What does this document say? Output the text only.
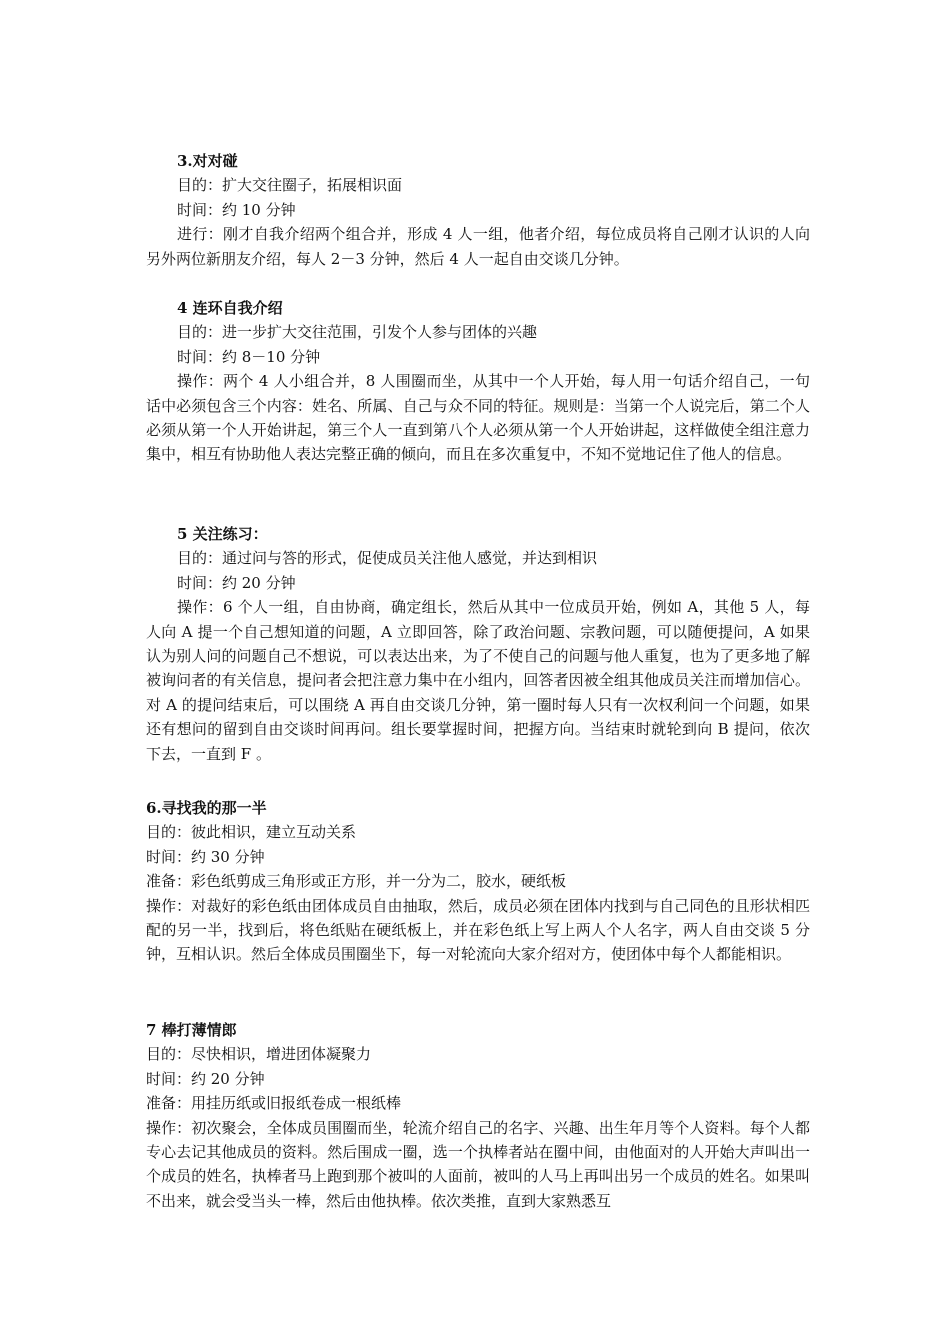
3.对对碰
目的：扩大交往圈子，拓展相识面
时间：约 10 分钟
进行：刚才自我介绍两个组合并，形成 4 人一组，他者介绍，每位成员将自己刚才认识的人向另外两位新朋友介绍，每人 2－3 分钟，然后 4 人一起自由交谈几分钟。
4 连环自我介绍
目的：进一步扩大交往范围，引发个人参与团体的兴趣
时间：约 8－10 分钟
操作：两个 4 人小组合并，8 人围圈而坐，从其中一个人开始，每人用一句话介绍自己，一句话中必须包含三个内容：姓名、所属、自己与众不同的特征。规则是：当第一个人说完后，第二个人必须从第一个人开始讲起，第三个人一直到第八个人必须从第一个人开始讲起，这样做使全组注意力集中，相互有协助他人表达完整正确的倾向，而且在多次重复中，不知不觉地记住了他人的信息。
5 关注练习：
目的：通过问与答的形式，促使成员关注他人感觉，并达到相识
时间：约 20 分钟
操作：6 个人一组，自由协商，确定组长，然后从其中一位成员开始，例如 A，其他 5 人，每人向 A 提一个自己想知道的问题，A 立即回答，除了政治问题、宗教问题，可以随便提问，A 如果认为别人问的问题自己不想说，可以表达出来，为了不使自己的问题与他人重复，也为了更多地了解被询问者的有关信息，提问者会把注意力集中在小组内，回答者因被全组其他成员关注而增加信心。对 A 的提问结束后，可以围绕 A 再自由交谈几分钟，第一圈时每人只有一次权利问一个问题，如果还有想问的留到自由交谈时间再问。组长要掌握时间，把握方向。当结束时就轮到向 B 提问，依次下去，一直到 F 。
6.寻找我的那一半
目的：彼此相识，建立互动关系
时间：约 30 分钟
准备：彩色纸剪成三角形或正方形，并一分为二，胶水，硬纸板
操作：对裁好的彩色纸由团体成员自由抽取，然后，成员必须在团体内找到与自己同色的且形状相匹配的另一半，找到后，将色纸贴在硬纸板上，并在彩色纸上写上两人个人名字，两人自由交谈 5 分钟，互相认识。然后全体成员围圈坐下，每一对轮流向大家介绍对方，使团体中每个人都能相识。
7 棒打薄情郎
目的：尽快相识，增进团体凝聚力
时间：约 20 分钟
准备：用挂历纸或旧报纸卷成一根纸棒
操作：初次聚会，全体成员围圈而坐，轮流介绍自己的名字、兴趣、出生年月等个人资料。每个人都专心去记其他成员的资料。然后围成一圈，选一个执棒者站在圈中间，由他面对的人开始大声叫出一个成员的姓名，执棒者马上跑到那个被叫的人面前，被叫的人马上再叫出另一个成员的姓名。如果叫不出来，就会受当头一棒，然后由他执棒。依次类推，直到大家熟悉互
